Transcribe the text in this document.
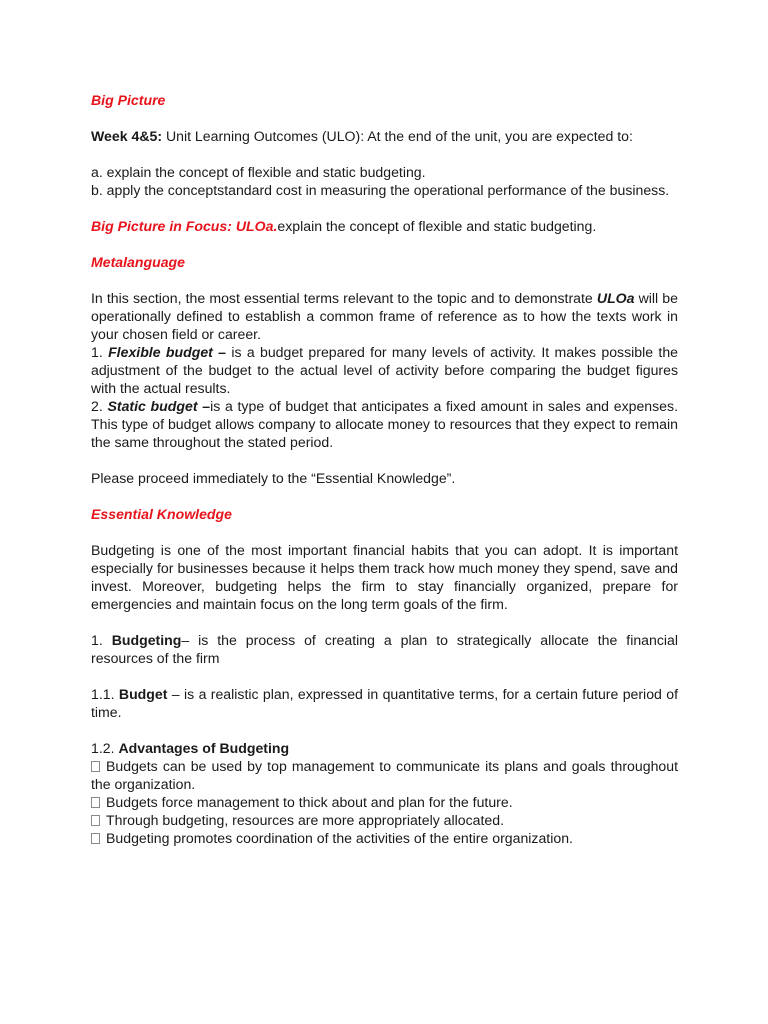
Big Picture

Week 4&5: Unit Learning Outcomes (ULO): At the end of the unit, you are expected to:

a. explain the concept of flexible and static budgeting.

b. apply the conceptstandard cost in measuring the operational performance of the business.

Big Picture in Focus: ULOa.explain the concept of flexible and static budgeting.

Metalanguage

In this section, the most essential terms relevant to the topic and to demonstrate ULOa will be operationally defined to establish a common frame of reference as to how the texts work in your chosen field or career.

1. Flexible budget – is a budget prepared for many levels of activity. It makes possible the adjustment of the budget to the actual level of activity before comparing the budget figures with the actual results.

2. Static budget –is a type of budget that anticipates a fixed amount in sales and expenses. This type of budget allows company to allocate money to resources that they expect to remain the same throughout the stated period.

Please proceed immediately to the “Essential Knowledge”.

Essential Knowledge

Budgeting is one of the most important financial habits that you can adopt. It is important especially for businesses because it helps them track how much money they spend, save and invest. Moreover, budgeting helps the firm to stay financially organized, prepare for emergencies and maintain focus on the long term goals of the firm.

1. Budgeting– is the process of creating a plan to strategically allocate the financial resources of the firm

1.1. Budget – is a realistic plan, expressed in quantitative terms, for a certain future period of time.

1.2. Advantages of Budgeting

Budgets can be used by top management to communicate its plans and goals throughout the organization.

Budgets force management to thick about and plan for the future.

Through budgeting, resources are more appropriately allocated.

Budgeting promotes coordination of the activities of the entire organization.
